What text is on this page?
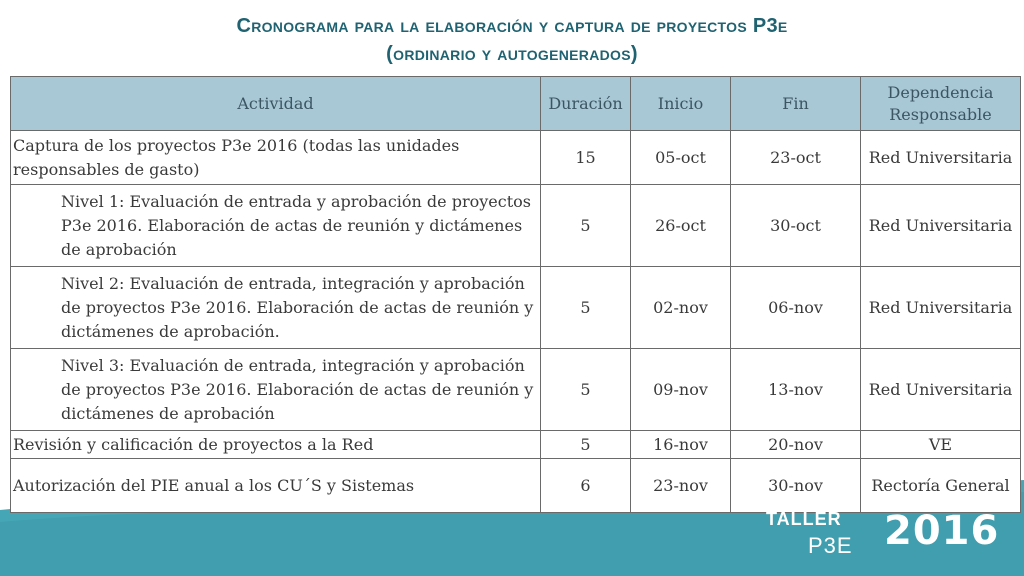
Cronograma para la elaboración y captura de proyectos P3e
(ordinario y autogenerados)
Actividad	Duración	Inicio	Fin	Dependencia Responsable
Captura de los proyectos P3e 2016 (todas las unidades responsables de gasto)	15	05-oct	23-oct	Red Universitaria
Nivel 1: Evaluación de entrada y aprobación de proyectos P3e 2016. Elaboración de actas de reunión y dictámenes de aprobación	5	26-oct	30-oct	Red Universitaria
Nivel 2: Evaluación de entrada, integración y aprobación de proyectos P3e 2016. Elaboración de actas de reunión y dictámenes de aprobación.	5	02-nov	06-nov	Red Universitaria
Nivel 3: Evaluación de entrada, integración y aprobación de proyectos P3e 2016. Elaboración de actas de reunión y dictámenes de aprobación	5	09-nov	13-nov	Red Universitaria
Revisión y calificación de proyectos a la Red	5	16-nov	20-nov	VE
Autorización del PIE anual a los CU´S y Sistemas	6	23-nov	30-nov	Rectoría General
TALLER
P3E 2016
